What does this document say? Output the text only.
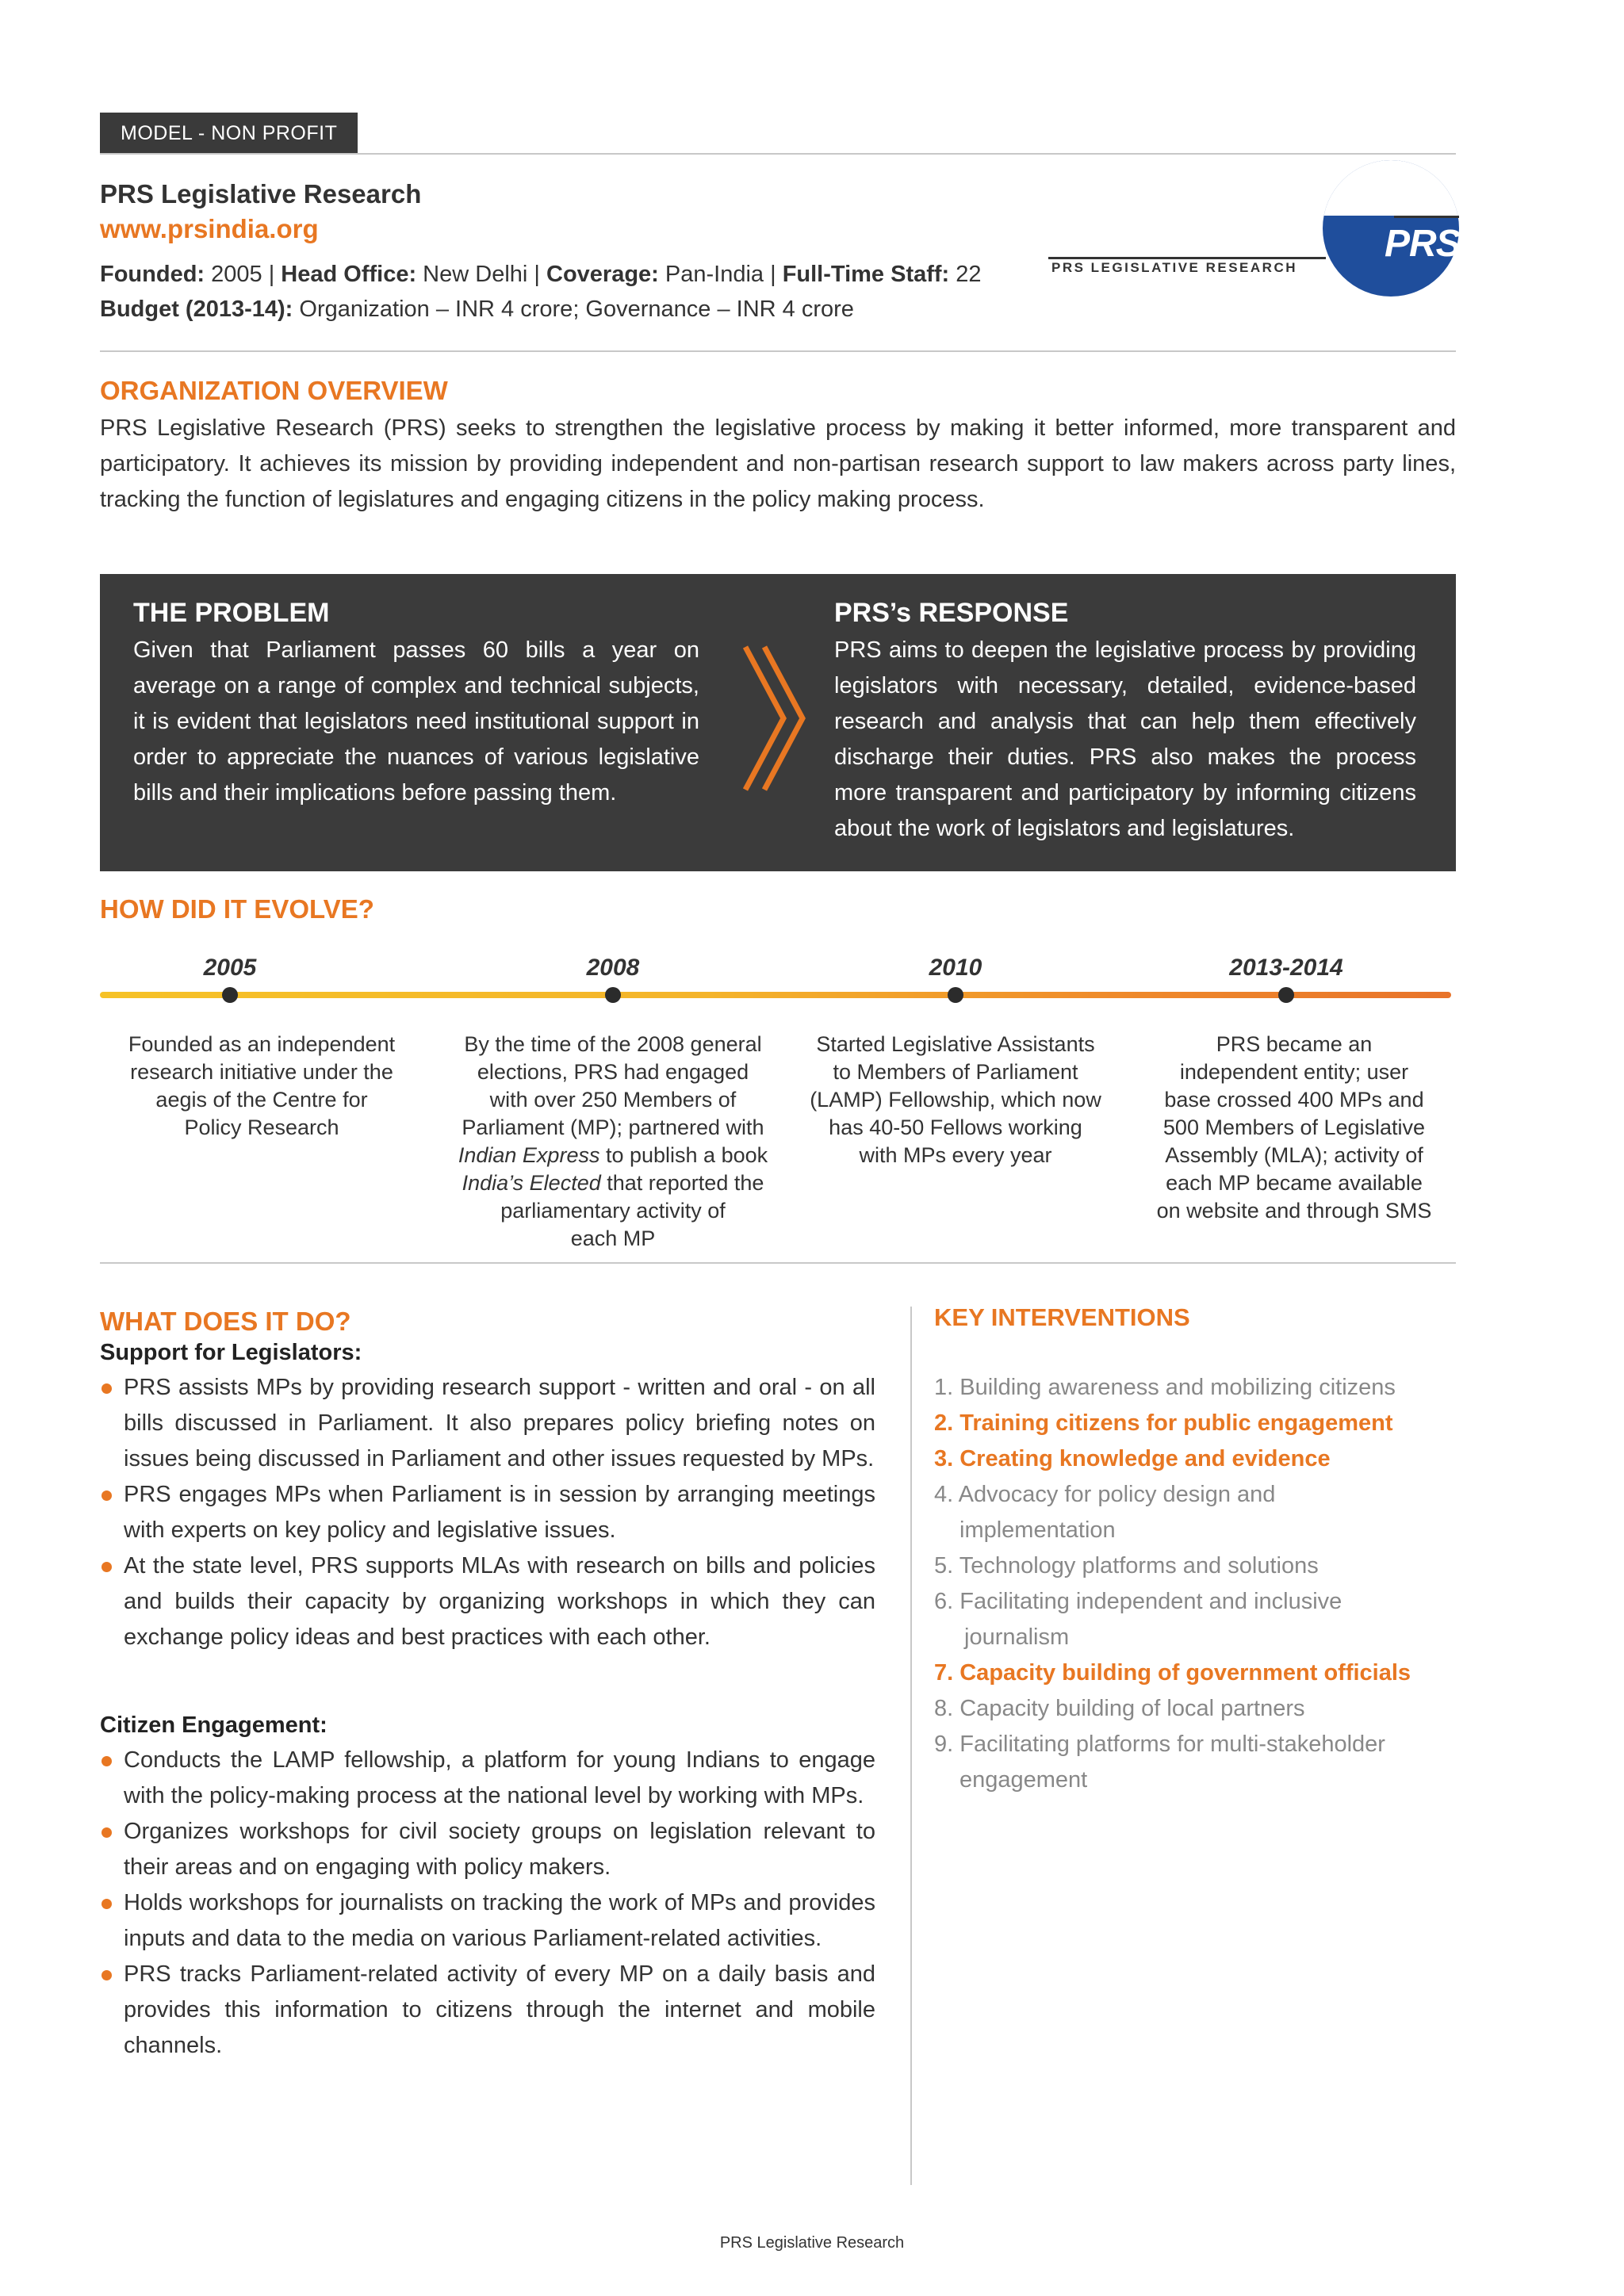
MODEL - NON PROFIT
PRS Legislative Research
www.prsindia.org
Founded: 2005 | Head Office: New Delhi | Coverage: Pan-India | Full-Time Staff: 22
Budget (2013-14): Organization – INR 4 crore; Governance – INR 4 crore
PRS
PRS LEGISLATIVE RESEARCH
ORGANIZATION OVERVIEW
PRS Legislative Research (PRS) seeks to strengthen the legislative process by making it better informed, more transparent and participatory. It achieves its mission by providing independent and non-partisan research support to law makers across party lines, tracking the function of legislatures and engaging citizens in the policy making process.
THE PROBLEM
Given that Parliament passes 60 bills a year on average on a range of complex and technical subjects, it is evident that legislators need institutional support in order to appreciate the nuances of various legislative bills and their implications before passing them.
PRS’s RESPONSE
PRS aims to deepen the legislative process by providing legislators with necessary, detailed, evidence-based research and analysis that can help them effectively discharge their duties. PRS also makes the process more transparent and participatory by informing citizens about the work of legislators and legislatures.
HOW DID IT EVOLVE?
2005	2008	2010	2013-2014
Founded as an independent
research initiative under the
aegis of the Centre for
Policy Research
By the time of the 2008 general
elections, PRS had engaged
with over 250 Members of
Parliament (MP); partnered with
Indian Express to publish a book
India’s Elected that reported the
parliamentary activity of
each MP
Started Legislative Assistants
to Members of Parliament
(LAMP) Fellowship, which now
has 40-50 Fellows working
with MPs every year
PRS became an
independent entity; user
base crossed 400 MPs and
500 Members of Legislative
Assembly (MLA); activity of
each MP became available
on website and through SMS
WHAT DOES IT DO?
Support for Legislators:
PRS assists MPs by providing research support - written and oral - on all bills discussed in Parliament. It also prepares policy briefing notes on issues being discussed in Parliament and other issues requested by MPs.
PRS engages MPs when Parliament is in session by arranging meetings with experts on key policy and legislative issues.
At the state level, PRS supports MLAs with research on bills and policies and builds their capacity by organizing workshops in which they can exchange policy ideas and best practices with each other.
Citizen Engagement:
Conducts the LAMP fellowship, a platform for young Indians to engage with the policy-making process at the national level by working with MPs.
Organizes workshops for civil society groups on legislation relevant to their areas and on engaging with policy makers.
Holds workshops for journalists on tracking the work of MPs and provides inputs and data to the media on various Parliament-related activities.
PRS tracks Parliament-related activity of every MP on a daily basis and provides this information to citizens through the internet and mobile channels.
KEY INTERVENTIONS
1. Building awareness and mobilizing citizens
2. Training citizens for public engagement
3. Creating knowledge and evidence
4. Advocacy for policy design and
implementation
5. Technology platforms and solutions
6. Facilitating independent and inclusive
journalism
7. Capacity building of government officials
8. Capacity building of local partners
9. Facilitating platforms for multi-stakeholder
engagement
PRS Legislative Research
